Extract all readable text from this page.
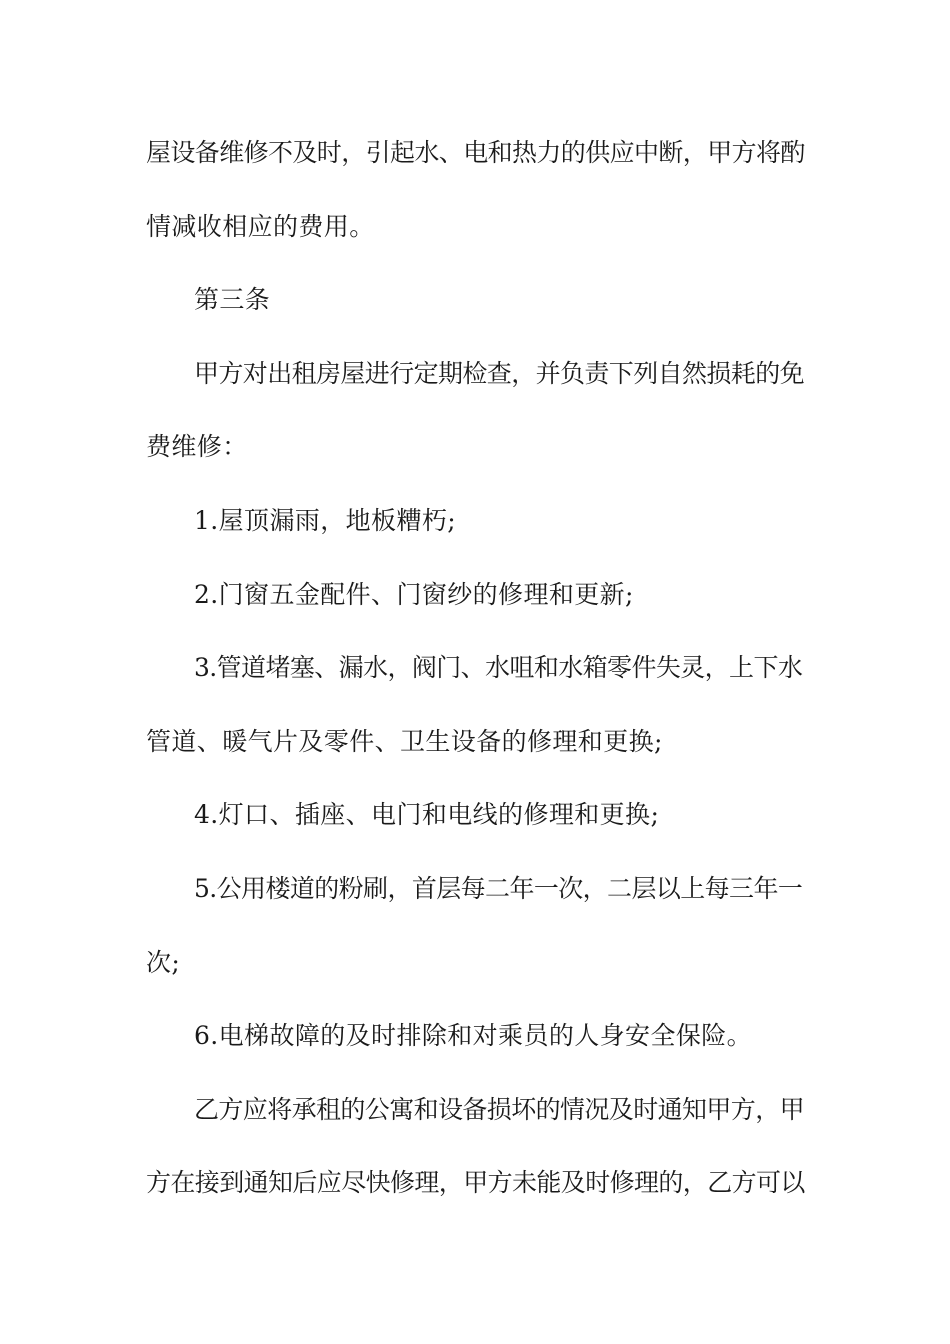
屋设备维修不及时，引起水、电和热力的供应中断，甲方将酌
情减收相应的费用。
第三条
甲方对出租房屋进行定期检查，并负责下列自然损耗的免
费维修：
1.屋顶漏雨，地板糟朽;
2.门窗五金配件、门窗纱的修理和更新;
3.管道堵塞、漏水，阀门、水咀和水箱零件失灵，上下水
管道、暖气片及零件、卫生设备的修理和更换;
4.灯口、插座、电门和电线的修理和更换;
5.公用楼道的粉刷，首层每二年一次，二层以上每三年一
次;
6.电梯故障的及时排除和对乘员的人身安全保险。
乙方应将承租的公寓和设备损坏的情况及时通知甲方，甲
方在接到通知后应尽快修理，甲方未能及时修理的，乙方可以
